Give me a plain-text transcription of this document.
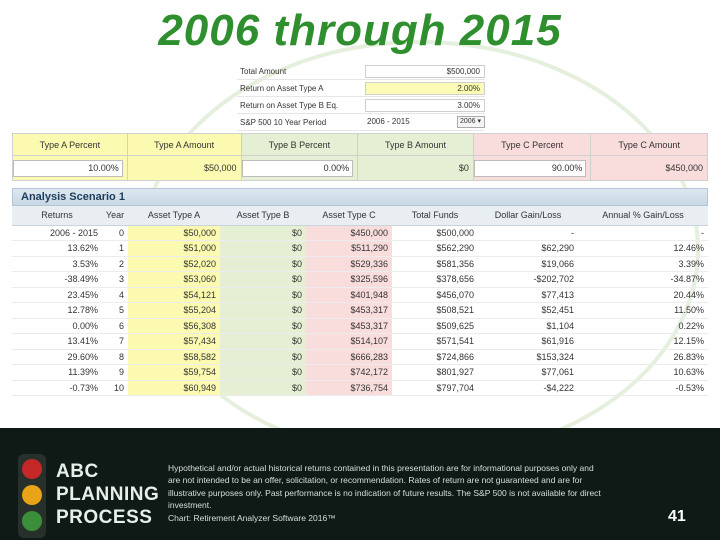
2006 through 2015
Total Amount	$500,000
Return on Asset Type A	2.00%
Return on Asset Type B Eq.	3.00%
S&P 500 10 Year Period	2006 - 2015	2006 ▾
Type A Percent	Type A Amount	Type B Percent	Type B Amount	Type C Percent	Type C Amount

10.00%	$50,000	0.00%	$0	90.00%	$450,000
Analysis Scenario 1
Returns	Year	Asset Type A	Asset Type B	Asset Type C	Total Funds	Dollar Gain/Loss	Annual % Gain/Loss
2006 - 2015	0	$50,000	$0	$450,000	$500,000	-	-
13.62%	1	$51,000	$0	$511,290	$562,290	$62,290	12.46%
3.53%	2	$52,020	$0	$529,336	$581,356	$19,066	3.39%
-38.49%	3	$53,060	$0	$325,596	$378,656	-$202,702	-34.87%
23.45%	4	$54,121	$0	$401,948	$456,070	$77,413	20.44%
12.78%	5	$55,204	$0	$453,317	$508,521	$52,451	11.50%
0.00%	6	$56,308	$0	$453,317	$509,625	$1,104	0.22%
13.41%	7	$57,434	$0	$514,107	$571,541	$61,916	12.15%
29.60%	8	$58,582	$0	$666,283	$724,866	$153,324	26.83%
11.39%	9	$59,754	$0	$742,172	$801,927	$77,061	10.63%
-0.73%	10	$60,949	$0	$736,754	$797,704	-$4,222	-0.53%
ABC
PLANNING
PROCESS
Hypothetical and/or actual historical returns contained in this presentation are for informational purposes only and are not intended to be an offer, solicitation, or recommendation. Rates of return are not guaranteed and are for illustrative purposes only. Past performance is no indication of future results. The S&P 500 is not available for direct investment.
Chart: Retirement Analyzer Software 2016™	41
